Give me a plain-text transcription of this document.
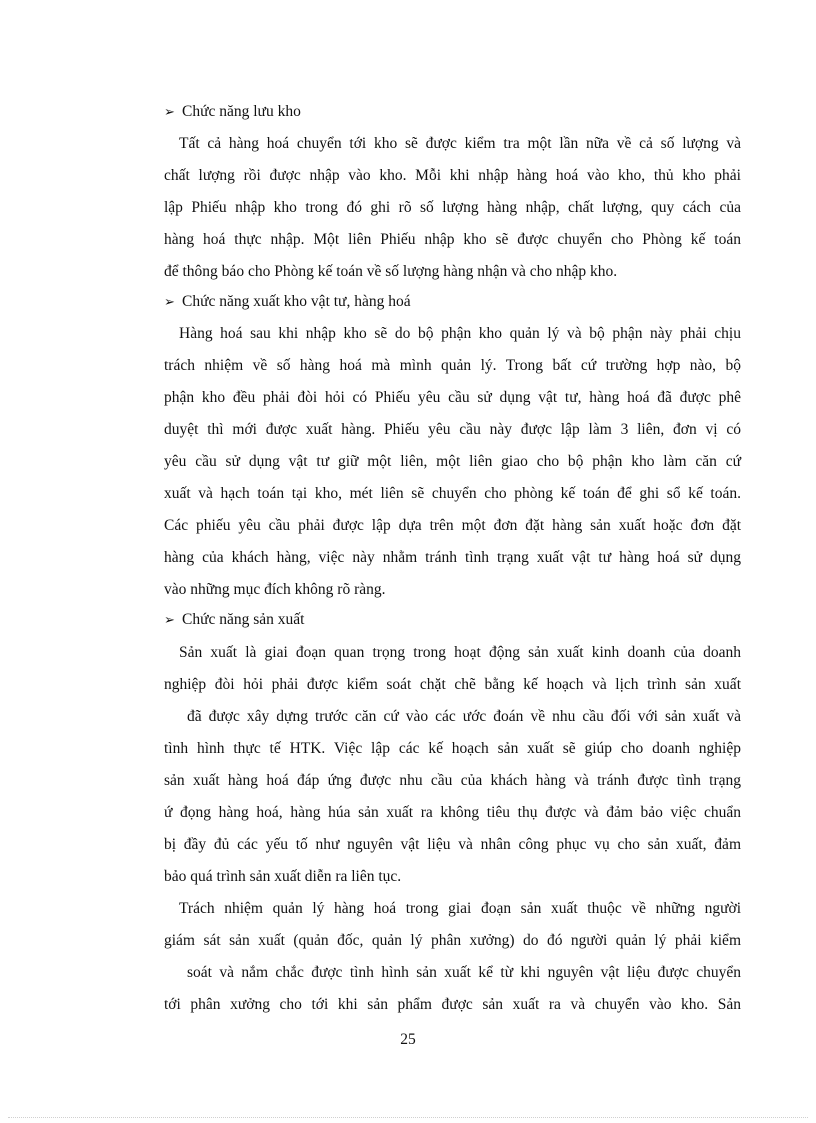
➢ Chức năng lưu kho
Tất cả hàng hoá chuyển tới kho sẽ được kiểm tra một lần nữa về cả số lượng và
chất lượng rồi được nhập vào kho. Mỗi khi nhập hàng hoá vào kho, thủ kho phải
lập Phiếu nhập kho trong đó ghi rõ số lượng hàng nhập, chất lượng, quy cách của
hàng hoá thực nhập. Một liên Phiếu nhập kho sẽ được chuyển cho Phòng kế toán
để thông báo cho Phòng kế toán về số lượng hàng nhận và cho nhập kho.
➢ Chức năng xuất kho vật tư, hàng hoá
Hàng hoá sau khi nhập kho sẽ do bộ phận kho quản lý và bộ phận này phải chịu
trách nhiệm về số hàng hoá mà mình quản lý. Trong bất cứ trường hợp nào, bộ
phận kho đều phải đòi hỏi có Phiếu yêu cầu sử dụng vật tư, hàng hoá đã được phê
duyệt thì mới được xuất hàng. Phiếu yêu cầu này được lập làm 3 liên, đơn vị có
yêu cầu sử dụng vật tư giữ một liên, một liên giao cho bộ phận kho làm căn cứ
xuất và hạch toán tại kho, mét liên sẽ chuyển cho phòng kế toán để ghi sổ kế toán.
Các phiếu yêu cầu phải được lập dựa trên một đơn đặt hàng sản xuất hoặc đơn đặt
hàng của khách hàng, việc này nhằm tránh tình trạng xuất vật tư hàng hoá sử dụng
vào những mục đích không rõ ràng.
➢ Chức năng sản xuất
Sản xuất là giai đoạn quan trọng trong hoạt động sản xuất kinh doanh của doanh
nghiệp đòi hỏi phải được kiểm soát chặt chẽ bằng kế hoạch và lịch trình sản xuất
đã được xây dựng trước căn cứ vào các ước đoán về nhu cầu đối với sản xuất và
tình hình thực tế HTK. Việc lập các kế hoạch sản xuất sẽ giúp cho doanh nghiệp
sản xuất hàng hoá đáp ứng được nhu cầu của khách hàng và tránh được tình trạng
ứ đọng hàng hoá, hàng húa sản xuất ra không tiêu thụ được và đảm bảo việc chuẩn
bị đầy đủ các yếu tố như nguyên vật liệu và nhân công phục vụ cho sản xuất, đảm
bảo quá trình sản xuất diễn ra liên tục.
Trách nhiệm quản lý hàng hoá trong giai đoạn sản xuất thuộc về những người
giám sát sản xuất (quản đốc, quản lý phân xưởng) do đó người quản lý phải kiểm
soát và nắm chắc được tình hình sản xuất kể từ khi nguyên vật liệu được chuyển
tới phân xưởng cho tới khi sản phẩm được sản xuất ra và chuyển vào kho. Sản
25
